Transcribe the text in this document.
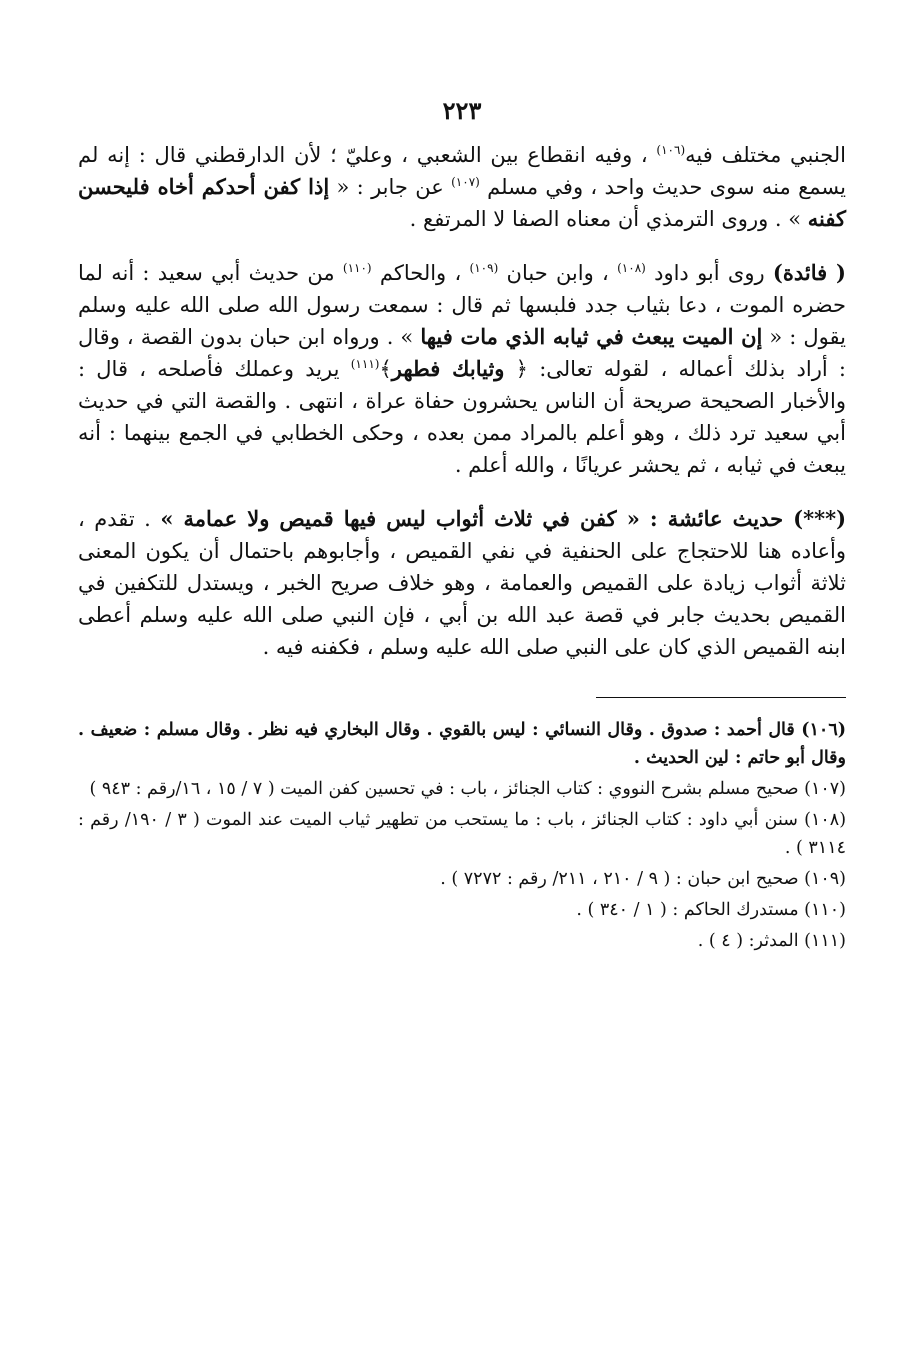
٢٢٣

الجنبي مختلف فيه$^{(١٠٦)}$ ، وفيه انقطاع بين الشعبي ، وعليّ ؛ لأن الدارقطني قال : إنه لم يسمع منه سوى حديث واحد ، وفي مسلم $^{(١٠٧)}$ عن جابر : « إذا كفن أحدكم أخاه فليحسن كفنه » . وروى الترمذي أن معناه الصفا لا المرتفع .

( فائدة) روى أبو داود $^{(١٠٨)}$ ، وابن حبان $^{(١٠٩)}$ ، والحاكم $^{(١١٠)}$ من حديث أبي سعيد : أنه لما حضره الموت ، دعا بثياب جدد فلبسها ثم قال : سمعت رسول الله صلى الله عليه وسلم يقول : « إن الميت يبعث في ثيابه الذي مات فيها » . ورواه ابن حبان بدون القصة ، وقال : أراد بذلك أعماله ، لقوله تعالى: ﴿ وثيابك فطهر﴾$^{(١١١)}$ يريد وعملك فأصلحه ، قال : والأخبار الصحيحة صريحة أن الناس يحشرون حفاة عراة ، انتهى . والقصة التي في حديث أبي سعيد ترد ذلك ، وهو أعلم بالمراد ممن بعده ، وحكى الخطابي في الجمع بينهما : أنه يبعث في ثيابه ، ثم يحشر عريانًا ، والله أعلم .

(***) حديث عائشة : « كفن في ثلاث أثواب ليس فيها قميص ولا عمامة » . تقدم ، وأعاده هنا للاحتجاج على الحنفية في نفي القميص ، وأجابوهم باحتمال أن يكون المعنى ثلاثة أثواب زيادة على القميص والعمامة ، وهو خلاف صريح الخبر ، ويستدل للتكفين في القميص بحديث جابر في قصة عبد الله بن أبي ، فإن النبي صلى الله عليه وسلم أعطى ابنه القميص الذي كان على النبي صلى الله عليه وسلم ، فكفنه فيه .

(١٠٦) قال أحمد : صدوق . وقال النسائي : ليس بالقوي . وقال البخاري فيه نظر . وقال مسلم : ضعيف . وقال أبو حاتم : لين الحديث .

(١٠٧) صحيح مسلم بشرح النووي : كتاب الجنائز ، باب : في تحسين كفن الميت ( ٧ / ١٥ ، ١٦/رقم : ٩٤٣ )

(١٠٨) سنن أبي داود : كتاب الجنائز ، باب : ما يستحب من تطهير ثياب الميت عند الموت ( ٣ / ١٩٠/ رقم : ٣١١٤ ) .

(١٠٩) صحيح ابن حبان : ( ٩ / ٢١٠ ، ٢١١/ رقم : ٧٢٧٢ ) .

(١١٠) مستدرك الحاكم : ( ١ / ٣٤٠ ) .

(١١١) المدثر: ( ٤ ) .
